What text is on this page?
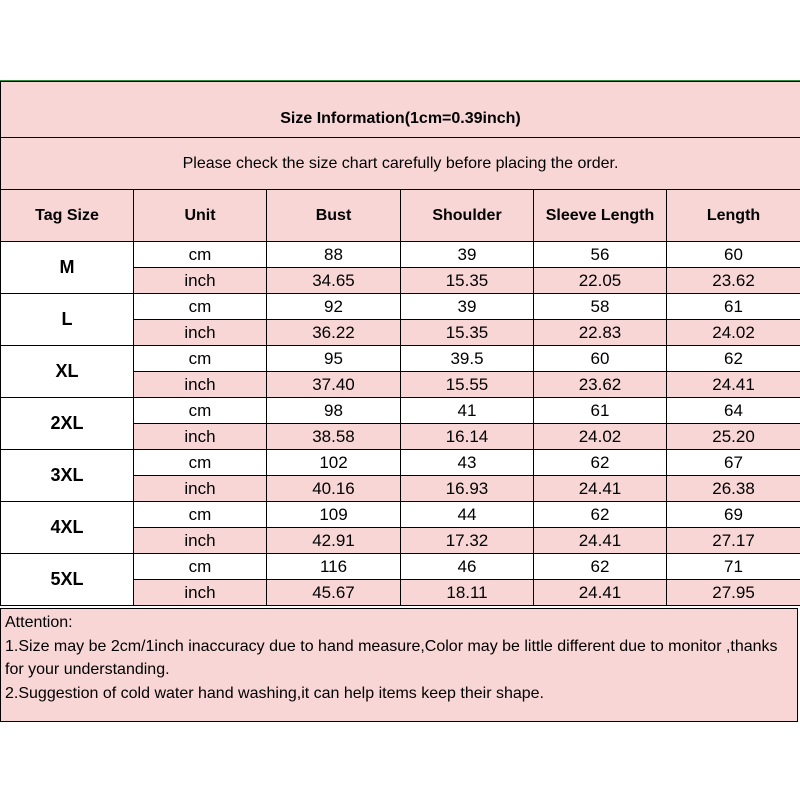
Size Information(1cm=0.39inch)					
Please check the size chart carefully before placing the order.					
Tag Size	Unit	Bust	Shoulder	Sleeve Length	Length
M	cm	88	39	56	60
	inch	34.65	15.35	22.05	23.62
L	cm	92	39	58	61
	inch	36.22	15.35	22.83	24.02
XL	cm	95	39.5	60	62
	inch	37.40	15.55	23.62	24.41
2XL	cm	98	41	61	64
	inch	38.58	16.14	24.02	25.20
3XL	cm	102	43	62	67
	inch	40.16	16.93	24.41	26.38
4XL	cm	109	44	62	69
	inch	42.91	17.32	24.41	27.17
5XL	cm	116	46	62	71
	inch	45.67	18.11	24.41	27.95
Attention:
1.Size may be 2cm/1inch inaccuracy due to hand measure,Color may be little different due to monitor ,thanks for your understanding.
2.Suggestion of cold water hand washing,it can help items keep their shape.
